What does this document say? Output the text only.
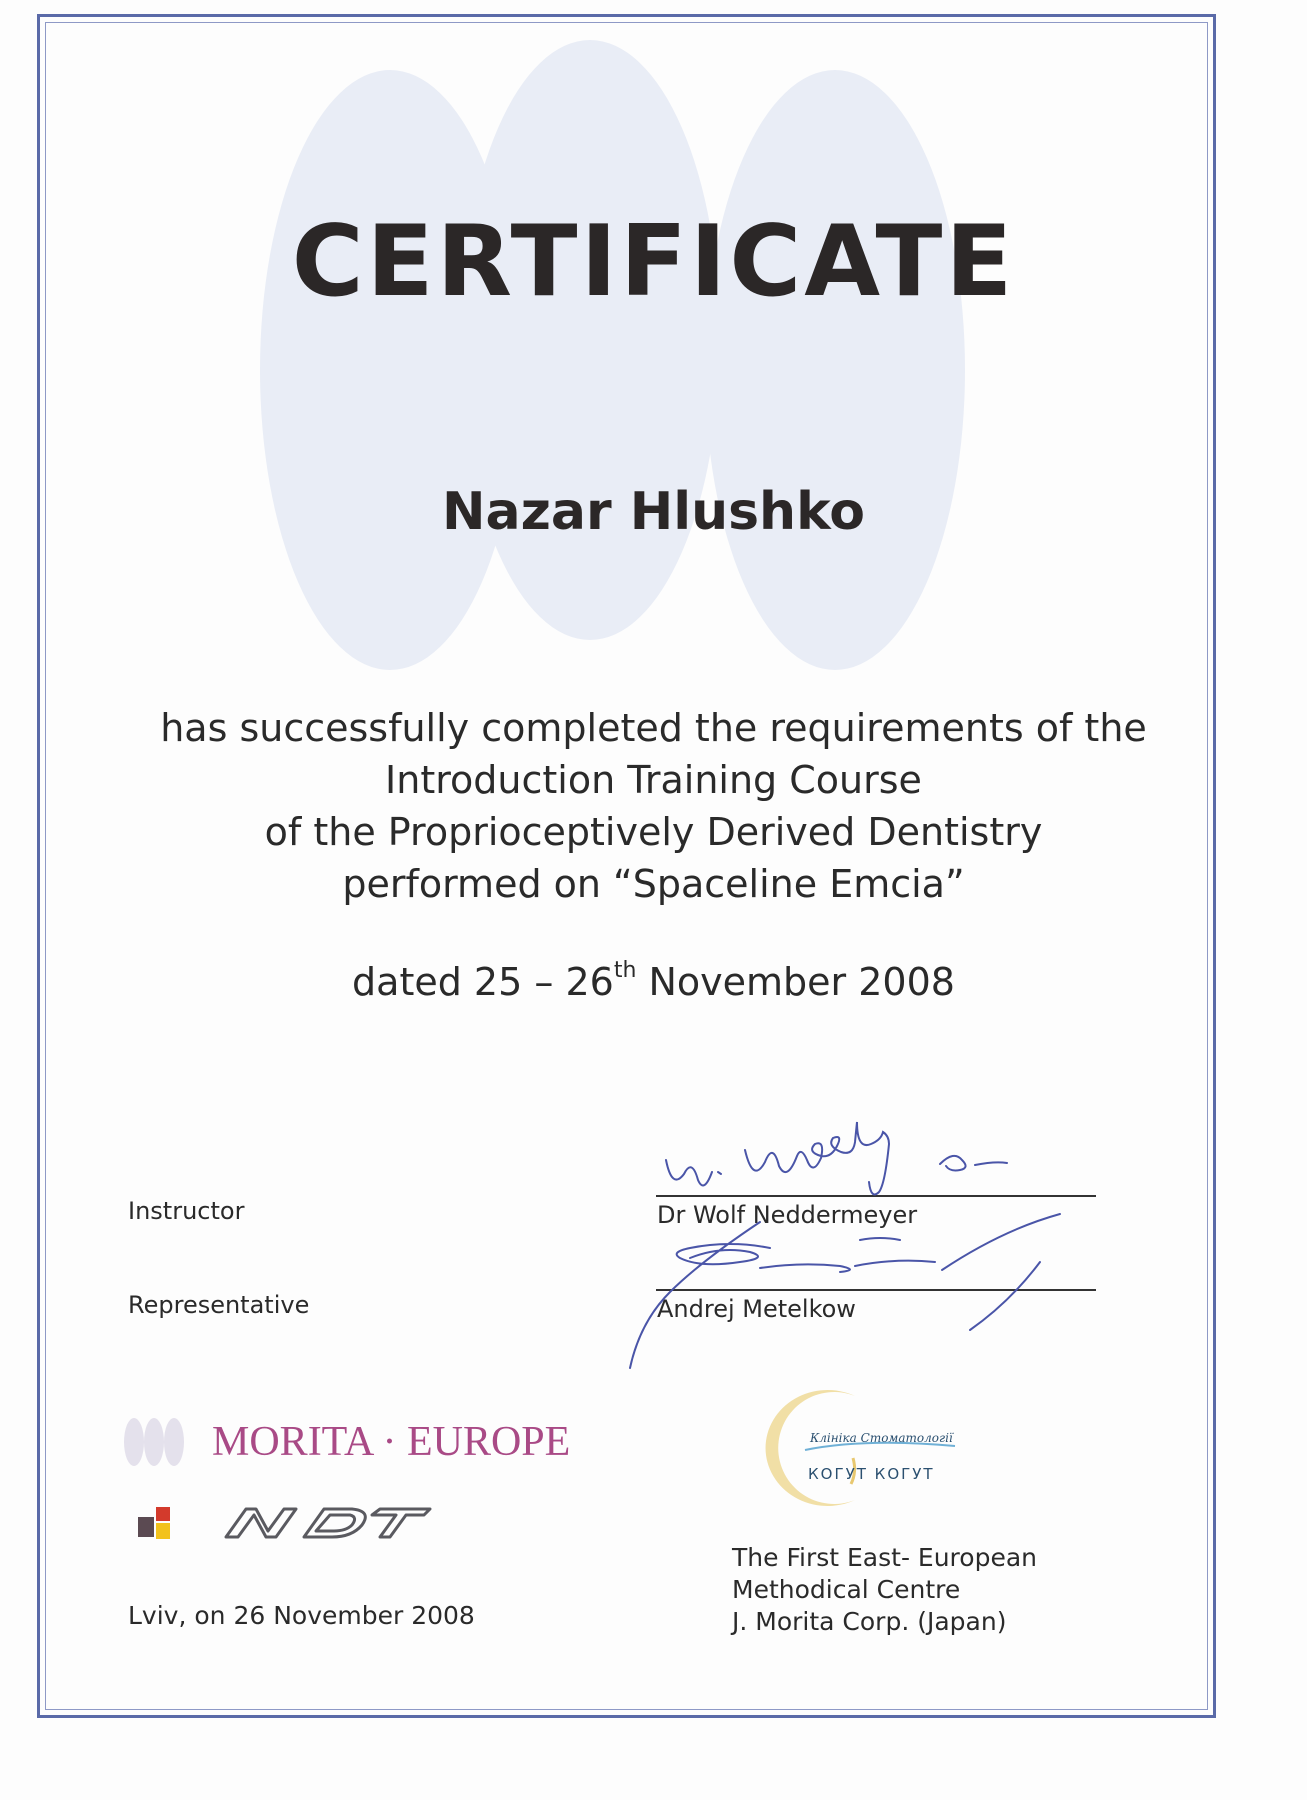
CERTIFICATE
Nazar Hlushko
has successfully completed the requirements of the
Introduction Training Course
of the Proprioceptively Derived Dentistry
performed on “Spaceline Emcia”
dated 25 – 26th November 2008
Instructor
Representative
Dr Wolf Neddermeyer
Andrej Metelkow
MORITA · EUROPE
Lviv, on 26 November 2008
Клініка Стоматології
КОГУТ КОГУТ
The First East- European
Methodical Centre
J. Morita Corp. (Japan)
